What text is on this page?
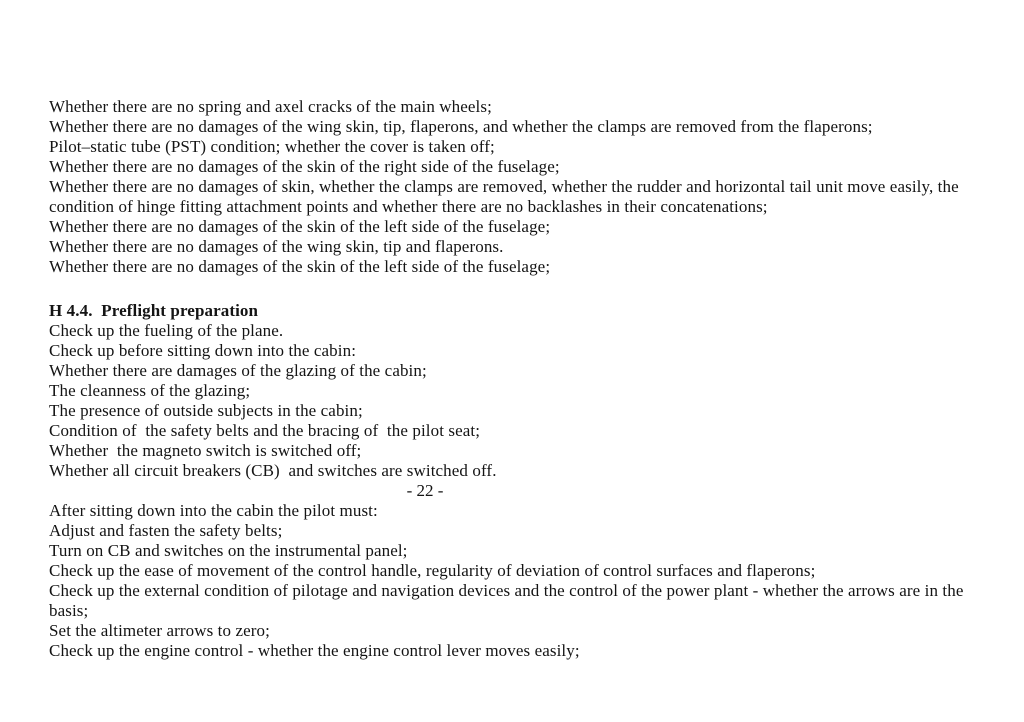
Whether there are no spring and axel cracks of the main wheels;
Whether there are no damages of the wing skin, tip, flaperons, and whether the clamps are removed from the flaperons;
Pilot–static tube (PST) condition; whether the cover is taken off;
Whether there are no damages of the skin of the right side of the fuselage;
Whether there are no damages of skin, whether the clamps are removed, whether the rudder and horizontal tail unit move easily, the
condition of hinge fitting attachment points and whether there are no backlashes in their concatenations;
Whether there are no damages of the skin of the left side of the fuselage;
Whether there are no damages of the wing skin, tip and flaperons.
Whether there are no damages of the skin of the left side of the fuselage;
H 4.4.  Preflight preparation
Check up the fueling of the plane.
Check up before sitting down into the cabin:
Whether there are damages of the glazing of the cabin;
The cleanness of the glazing;
The presence of outside subjects in the cabin;
Condition of  the safety belts and the bracing of  the pilot seat;
Whether  the magneto switch is switched off;
Whether all circuit breakers (CB)  and switches are switched off.
- 22 -
After sitting down into the cabin the pilot must:
Adjust and fasten the safety belts;
Turn on CB and switches on the instrumental panel;
Check up the ease of movement of the control handle, regularity of deviation of control surfaces and flaperons;
Check up the external condition of pilotage and navigation devices and the control of the power plant - whether the arrows are in the
basis;
Set the altimeter arrows to zero;
Check up the engine control - whether the engine control lever moves easily;
